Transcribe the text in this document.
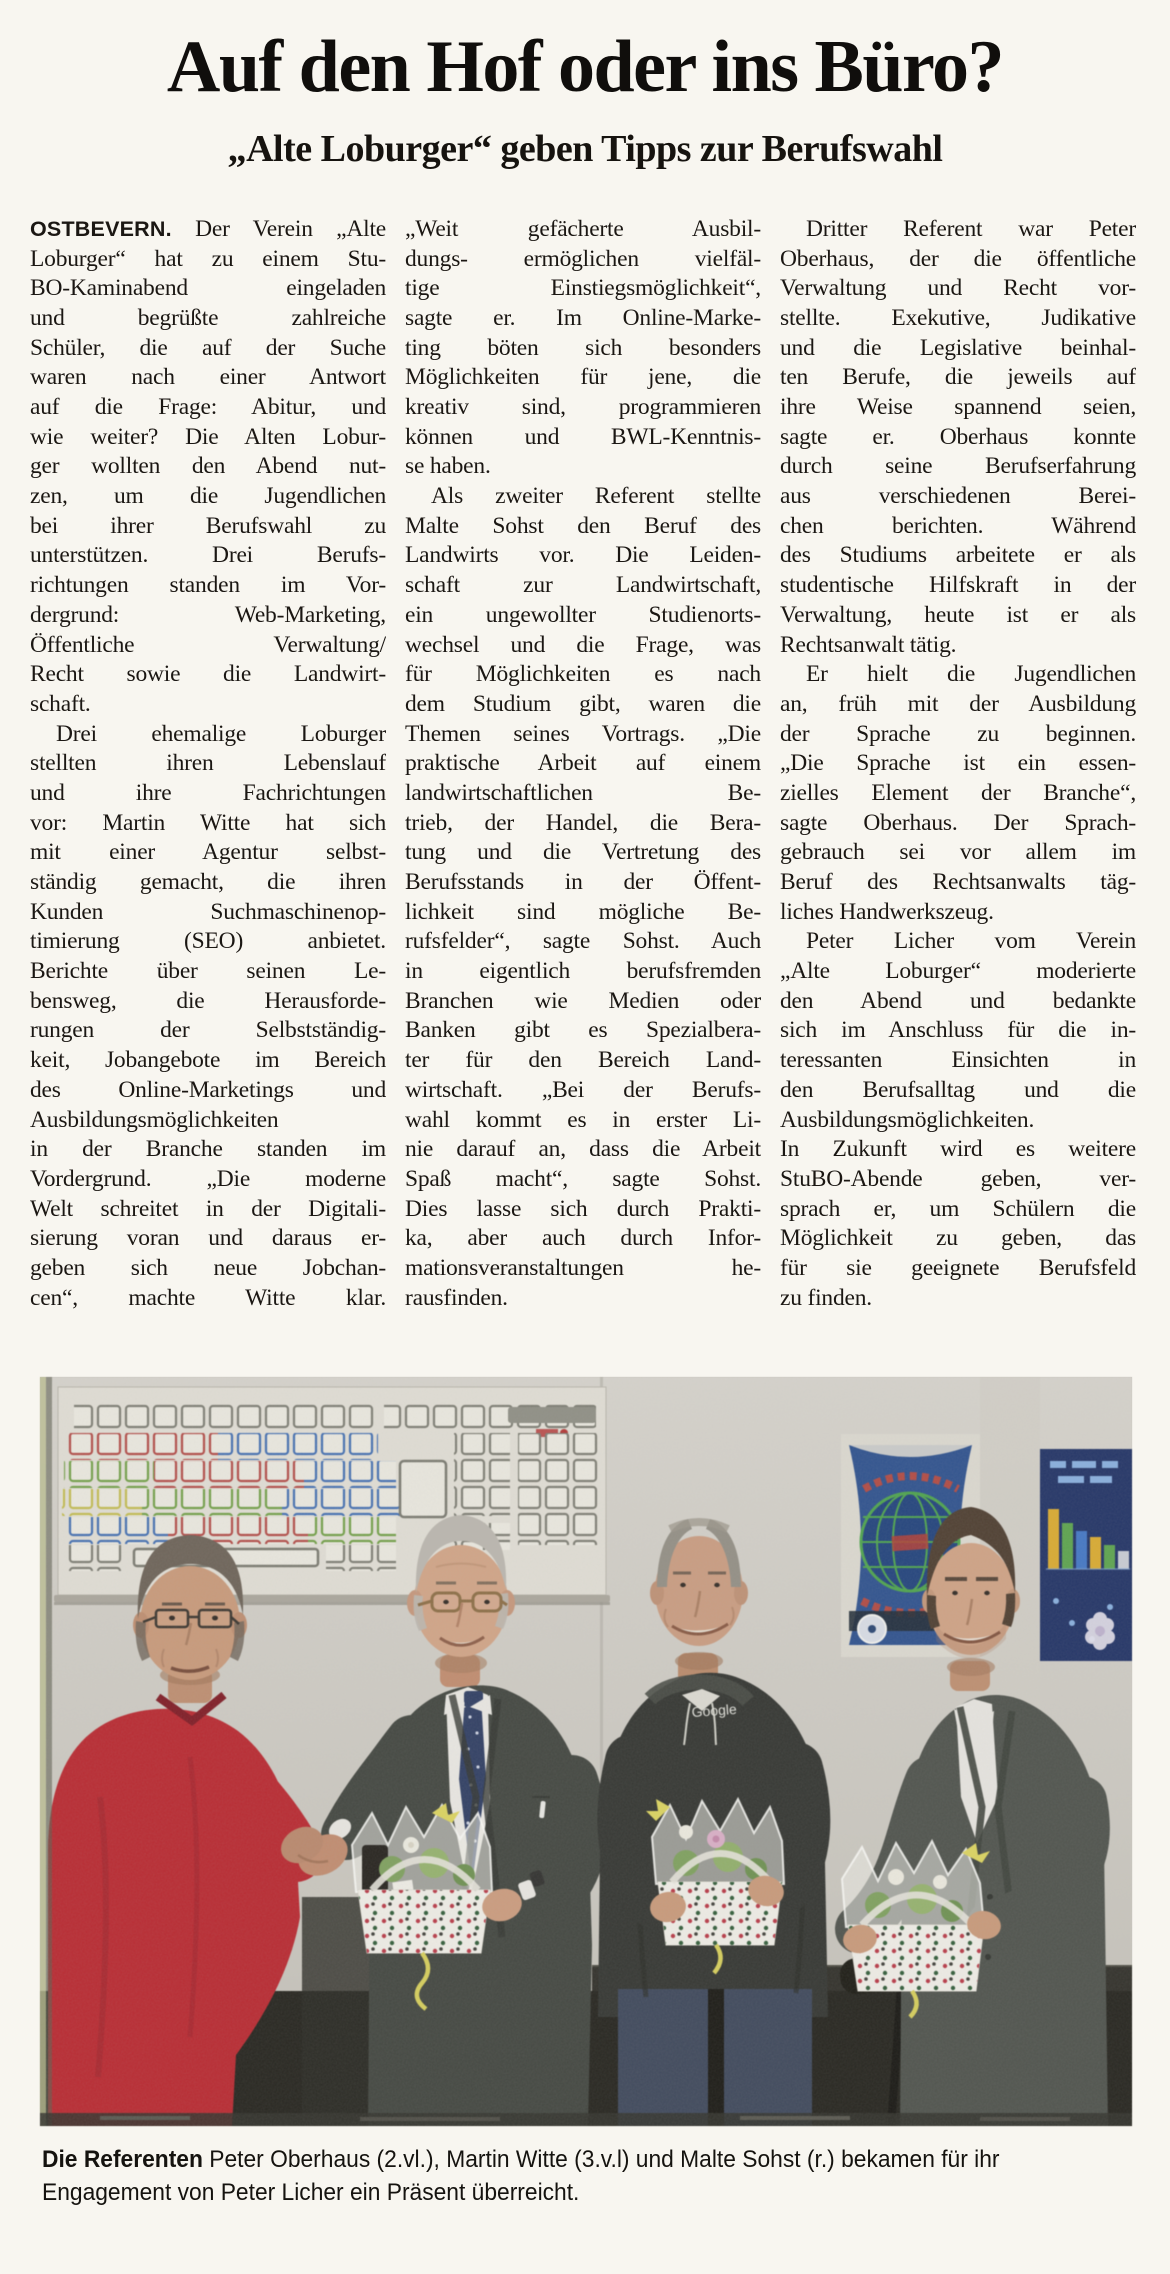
Auf den Hof oder ins Büro?
„Alte Loburger“ geben Tipps zur Berufswahl
OSTBEVERN. Der Verein „Alte
Loburger“ hat zu einem Stu-
BO-Kaminabend eingeladen
und begrüßte zahlreiche
Schüler, die auf der Suche
waren nach einer Antwort
auf die Frage: Abitur, und
wie weiter? Die Alten Lobur-
ger wollten den Abend nut-
zen, um die Jugendlichen
bei ihrer Berufswahl zu
unterstützen. Drei Berufs-
richtungen standen im Vor-
dergrund: Web-Marketing,
Öffentliche Verwaltung/
Recht sowie die Landwirt-
schaft.
Drei ehemalige Loburger
stellten ihren Lebenslauf
und ihre Fachrichtungen
vor: Martin Witte hat sich
mit einer Agentur selbst-
ständig gemacht, die ihren
Kunden Suchmaschinenop-
timierung (SEO) anbietet.
Berichte über seinen Le-
bensweg, die Herausforde-
rungen der Selbstständig-
keit, Jobangebote im Bereich
des Online-Marketings und
Ausbildungsmöglichkeiten
in der Branche standen im
Vordergrund. „Die moderne
Welt schreitet in der Digitali-
sierung voran und daraus er-
geben sich neue Jobchan-
cen“, machte Witte klar.
„Weit gefächerte Ausbil-
dungs- ermöglichen vielfäl-
tige Einstiegsmöglichkeit“,
sagte er. Im Online-Marke-
ting böten sich besonders
Möglichkeiten für jene, die
kreativ sind, programmieren
können und BWL-Kenntnis-
se haben.
Als zweiter Referent stellte
Malte Sohst den Beruf des
Landwirts vor. Die Leiden-
schaft zur Landwirtschaft,
ein ungewollter Studienorts-
wechsel und die Frage, was
für Möglichkeiten es nach
dem Studium gibt, waren die
Themen seines Vortrags. „Die
praktische Arbeit auf einem
landwirtschaftlichen Be-
trieb, der Handel, die Bera-
tung und die Vertretung des
Berufsstands in der Öffent-
lichkeit sind mögliche Be-
rufsfelder“, sagte Sohst. Auch
in eigentlich berufsfremden
Branchen wie Medien oder
Banken gibt es Spezialbera-
ter für den Bereich Land-
wirtschaft. „Bei der Berufs-
wahl kommt es in erster Li-
nie darauf an, dass die Arbeit
Spaß macht“, sagte Sohst.
Dies lasse sich durch Prakti-
ka, aber auch durch Infor-
mationsveranstaltungen he-
rausfinden.
Dritter Referent war Peter
Oberhaus, der die öffentliche
Verwaltung und Recht vor-
stellte. Exekutive, Judikative
und die Legislative beinhal-
ten Berufe, die jeweils auf
ihre Weise spannend seien,
sagte er. Oberhaus konnte
durch seine Berufserfahrung
aus verschiedenen Berei-
chen berichten. Während
des Studiums arbeitete er als
studentische Hilfskraft in der
Verwaltung, heute ist er als
Rechtsanwalt tätig.
Er hielt die Jugendlichen
an, früh mit der Ausbildung
der Sprache zu beginnen.
„Die Sprache ist ein essen-
zielles Element der Branche“,
sagte Oberhaus. Der Sprach-
gebrauch sei vor allem im
Beruf des Rechtsanwalts täg-
liches Handwerkszeug.
Peter Licher vom Verein
„Alte Loburger“ moderierte
den Abend und bedankte
sich im Anschluss für die in-
teressanten Einsichten in
den Berufsalltag und die
Ausbildungsmöglichkeiten.
In Zukunft wird es weitere
StuBO-Abende geben, ver-
sprach er, um Schülern die
Möglichkeit zu geben, das
für sie geeignete Berufsfeld
zu finden.
Die Referenten Peter Oberhaus (2.vl.), Martin Witte (3.v.l) und Malte Sohst (r.) bekamen für ihr
Engagement von Peter Licher ein Präsent überreicht.
